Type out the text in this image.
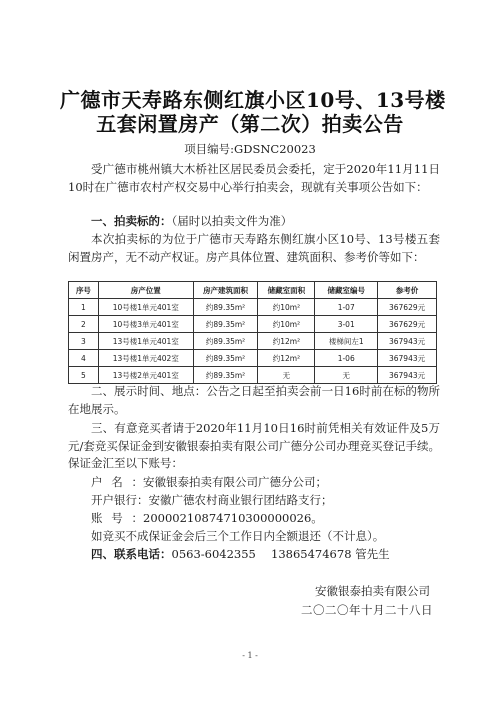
广德市天寿路东侧红旗小区10号、13号楼
五套闲置房产（第二次）拍卖公告
项目编号:GDSNC20023
受广德市桃州镇大木桥社区居民委员会委托，定于2020年11月11日10时在广德市农村产权交易中心举行拍卖会，现就有关事项公告如下：
一、拍卖标的：（届时以拍卖文件为准）
本次拍卖标的为位于广德市天寿路东侧红旗小区10号、13号楼五套闲置房产，无不动产权证。房产具体位置、建筑面积、参考价等如下：
序号	房产位置	房产建筑面积	储藏室面积	储藏室编号	参考价
1	10号楼1单元401室	约89.35m²	约10m²	1-07	367629元
2	10号楼3单元401室	约89.35m²	约10m²	3-01	367629元
3	13号楼1单元401室	约89.35m²	约12m²	楼梯间左1	367943元
4	13号楼1单元402室	约89.35m²	约12m²	1-06	367943元
5	13号楼2单元401室	约89.35m²	无	无	367943元
二、展示时间、地点：公告之日起至拍卖会前一日16时前在标的物所在地展示。
三、有意竞买者请于2020年11月10日16时前凭相关有效证件及5万元/套竞买保证金到安徽银泰拍卖有限公司广德分公司办理竞买登记手续。保证金汇至以下账号：
户名：安徽银泰拍卖有限公司广德分公司；
开户银行：安徽广德农村商业银行团结路支行；
账号：20000210874710300000026。
如竞买不成保证金会后三个工作日内全额退还（不计息）。
四、联系电话：0563-6042355　 13865474678 管先生
安徽银泰拍卖有限公司
二〇二〇年十月二十八日
- 1 -
